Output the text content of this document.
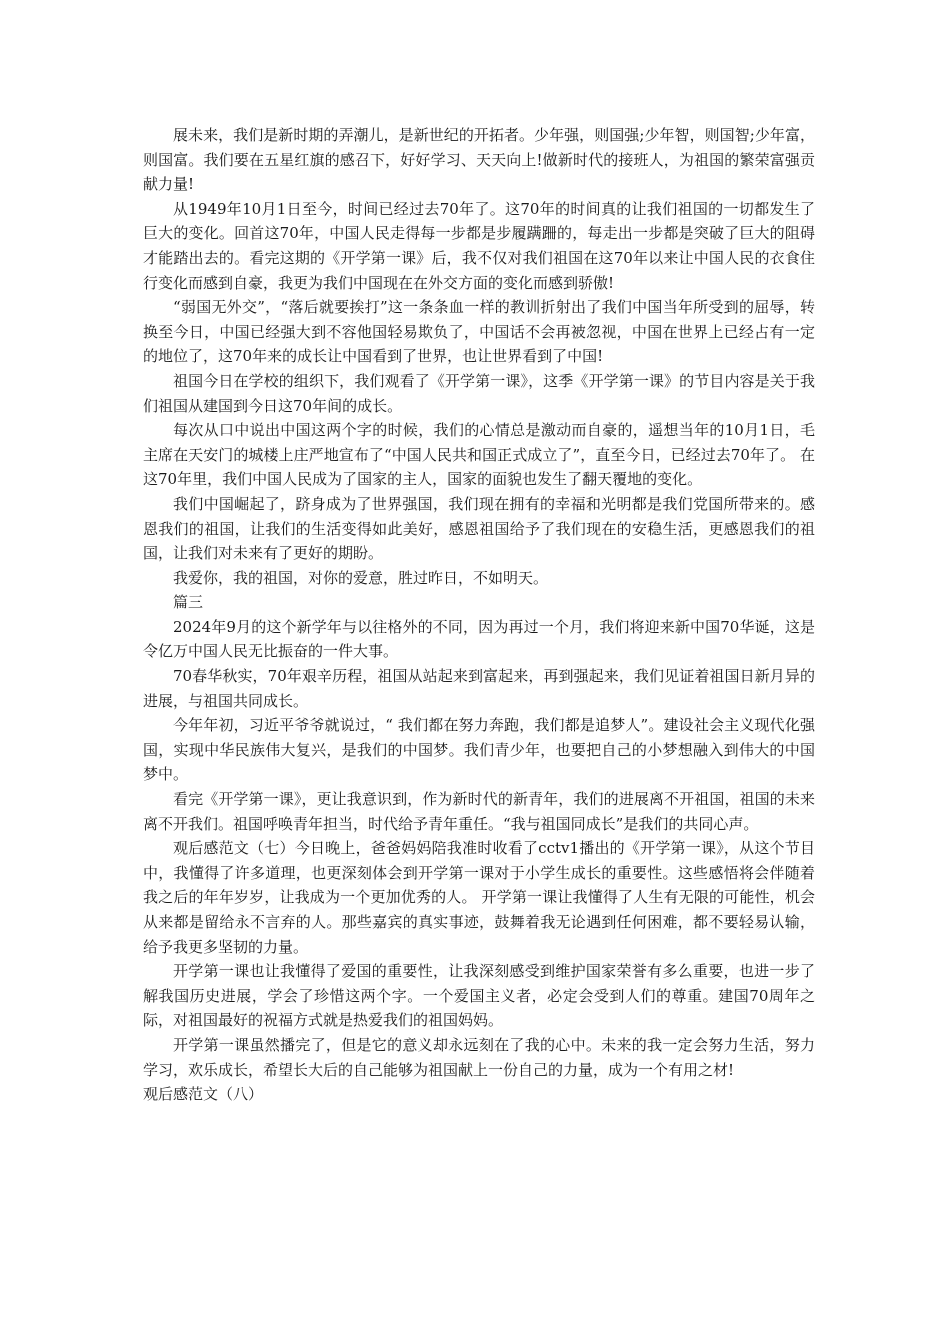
展未来，我们是新时期的弄潮儿，是新世纪的开拓者。少年强，则国强;少年智，则国智;少年富，则国富。我们要在五星红旗的感召下，好好学习、天天向上!做新时代的接班人，为祖国的繁荣富强贡献力量!

从1949年10月1日至今，时间已经过去70年了。这70年的时间真的让我们祖国的一切都发生了巨大的变化。回首这70年，中国人民走得每一步都是步履蹒跚的，每走出一步都是突破了巨大的阻碍才能踏出去的。看完这期的《开学第一课》后，我不仅对我们祖国在这70年以来让中国人民的衣食住行变化而感到自豪，我更为我们中国现在在外交方面的变化而感到骄傲!

“弱国无外交”，“落后就要挨打”这一条条血一样的教训折射出了我们中国当年所受到的屈辱，转换至今日，中国已经强大到不容他国轻易欺负了，中国话不会再被忽视，中国在世界上已经占有一定的地位了，这70年来的成长让中国看到了世界，也让世界看到了中国!

祖国今日在学校的组织下，我们观看了《开学第一课》，这季《开学第一课》的节目内容是关于我们祖国从建国到今日这70年间的成长。

每次从口中说出中国这两个字的时候，我们的心情总是激动而自豪的，遥想当年的10月1日，毛主席在天安门的城楼上庄严地宣布了“中国人民共和国正式成立了”，直至今日，已经过去70年了。 在这70年里，我们中国人民成为了国家的主人，国家的面貌也发生了翻天覆地的变化。

我们中国崛起了，跻身成为了世界强国，我们现在拥有的幸福和光明都是我们党国所带来的。感恩我们的祖国，让我们的生活变得如此美好，感恩祖国给予了我们现在的安稳生活，更感恩我们的祖国，让我们对未来有了更好的期盼。

我爱你，我的祖国，对你的爱意，胜过昨日，不如明天。

篇三

2024年9月的这个新学年与以往格外的不同，因为再过一个月，我们将迎来新中国70华诞，这是令亿万中国人民无比振奋的一件大事。

70春华秋实，70年艰辛历程，祖国从站起来到富起来，再到强起来，我们见证着祖国日新月异的进展，与祖国共同成长。

今年年初，习近平爷爷就说过，“ 我们都在努力奔跑，我们都是追梦人”。建设社会主义现代化强国，实现中华民族伟大复兴，是我们的中国梦。我们青少年，也要把自己的小梦想融入到伟大的中国梦中。

看完《开学第一课》，更让我意识到，作为新时代的新青年，我们的进展离不开祖国，祖国的未来离不开我们。祖国呼唤青年担当，时代给予青年重任。“我与祖国同成长”是我们的共同心声。

观后感范文（七）今日晚上，爸爸妈妈陪我准时收看了cctv1播出的《开学第一课》，从这个节目中，我懂得了许多道理，也更深刻体会到开学第一课对于小学生成长的重要性。这些感悟将会伴随着我之后的年年岁岁，让我成为一个更加优秀的人。 开学第一课让我懂得了人生有无限的可能性，机会从来都是留给永不言弃的人。那些嘉宾的真实事迹，鼓舞着我无论遇到任何困难，都不要轻易认输，给予我更多坚韧的力量。

开学第一课也让我懂得了爱国的重要性，让我深刻感受到维护国家荣誉有多么重要，也进一步了解我国历史进展，学会了珍惜这两个字。一个爱国主义者，必定会受到人们的尊重。建国70周年之际，对祖国最好的祝福方式就是热爱我们的祖国妈妈。

开学第一课虽然播完了，但是它的意义却永远刻在了我的心中。未来的我一定会努力生活，努力学习，欢乐成长，希望长大后的自己能够为祖国献上一份自己的力量，成为一个有用之材!

观后感范文（八）
